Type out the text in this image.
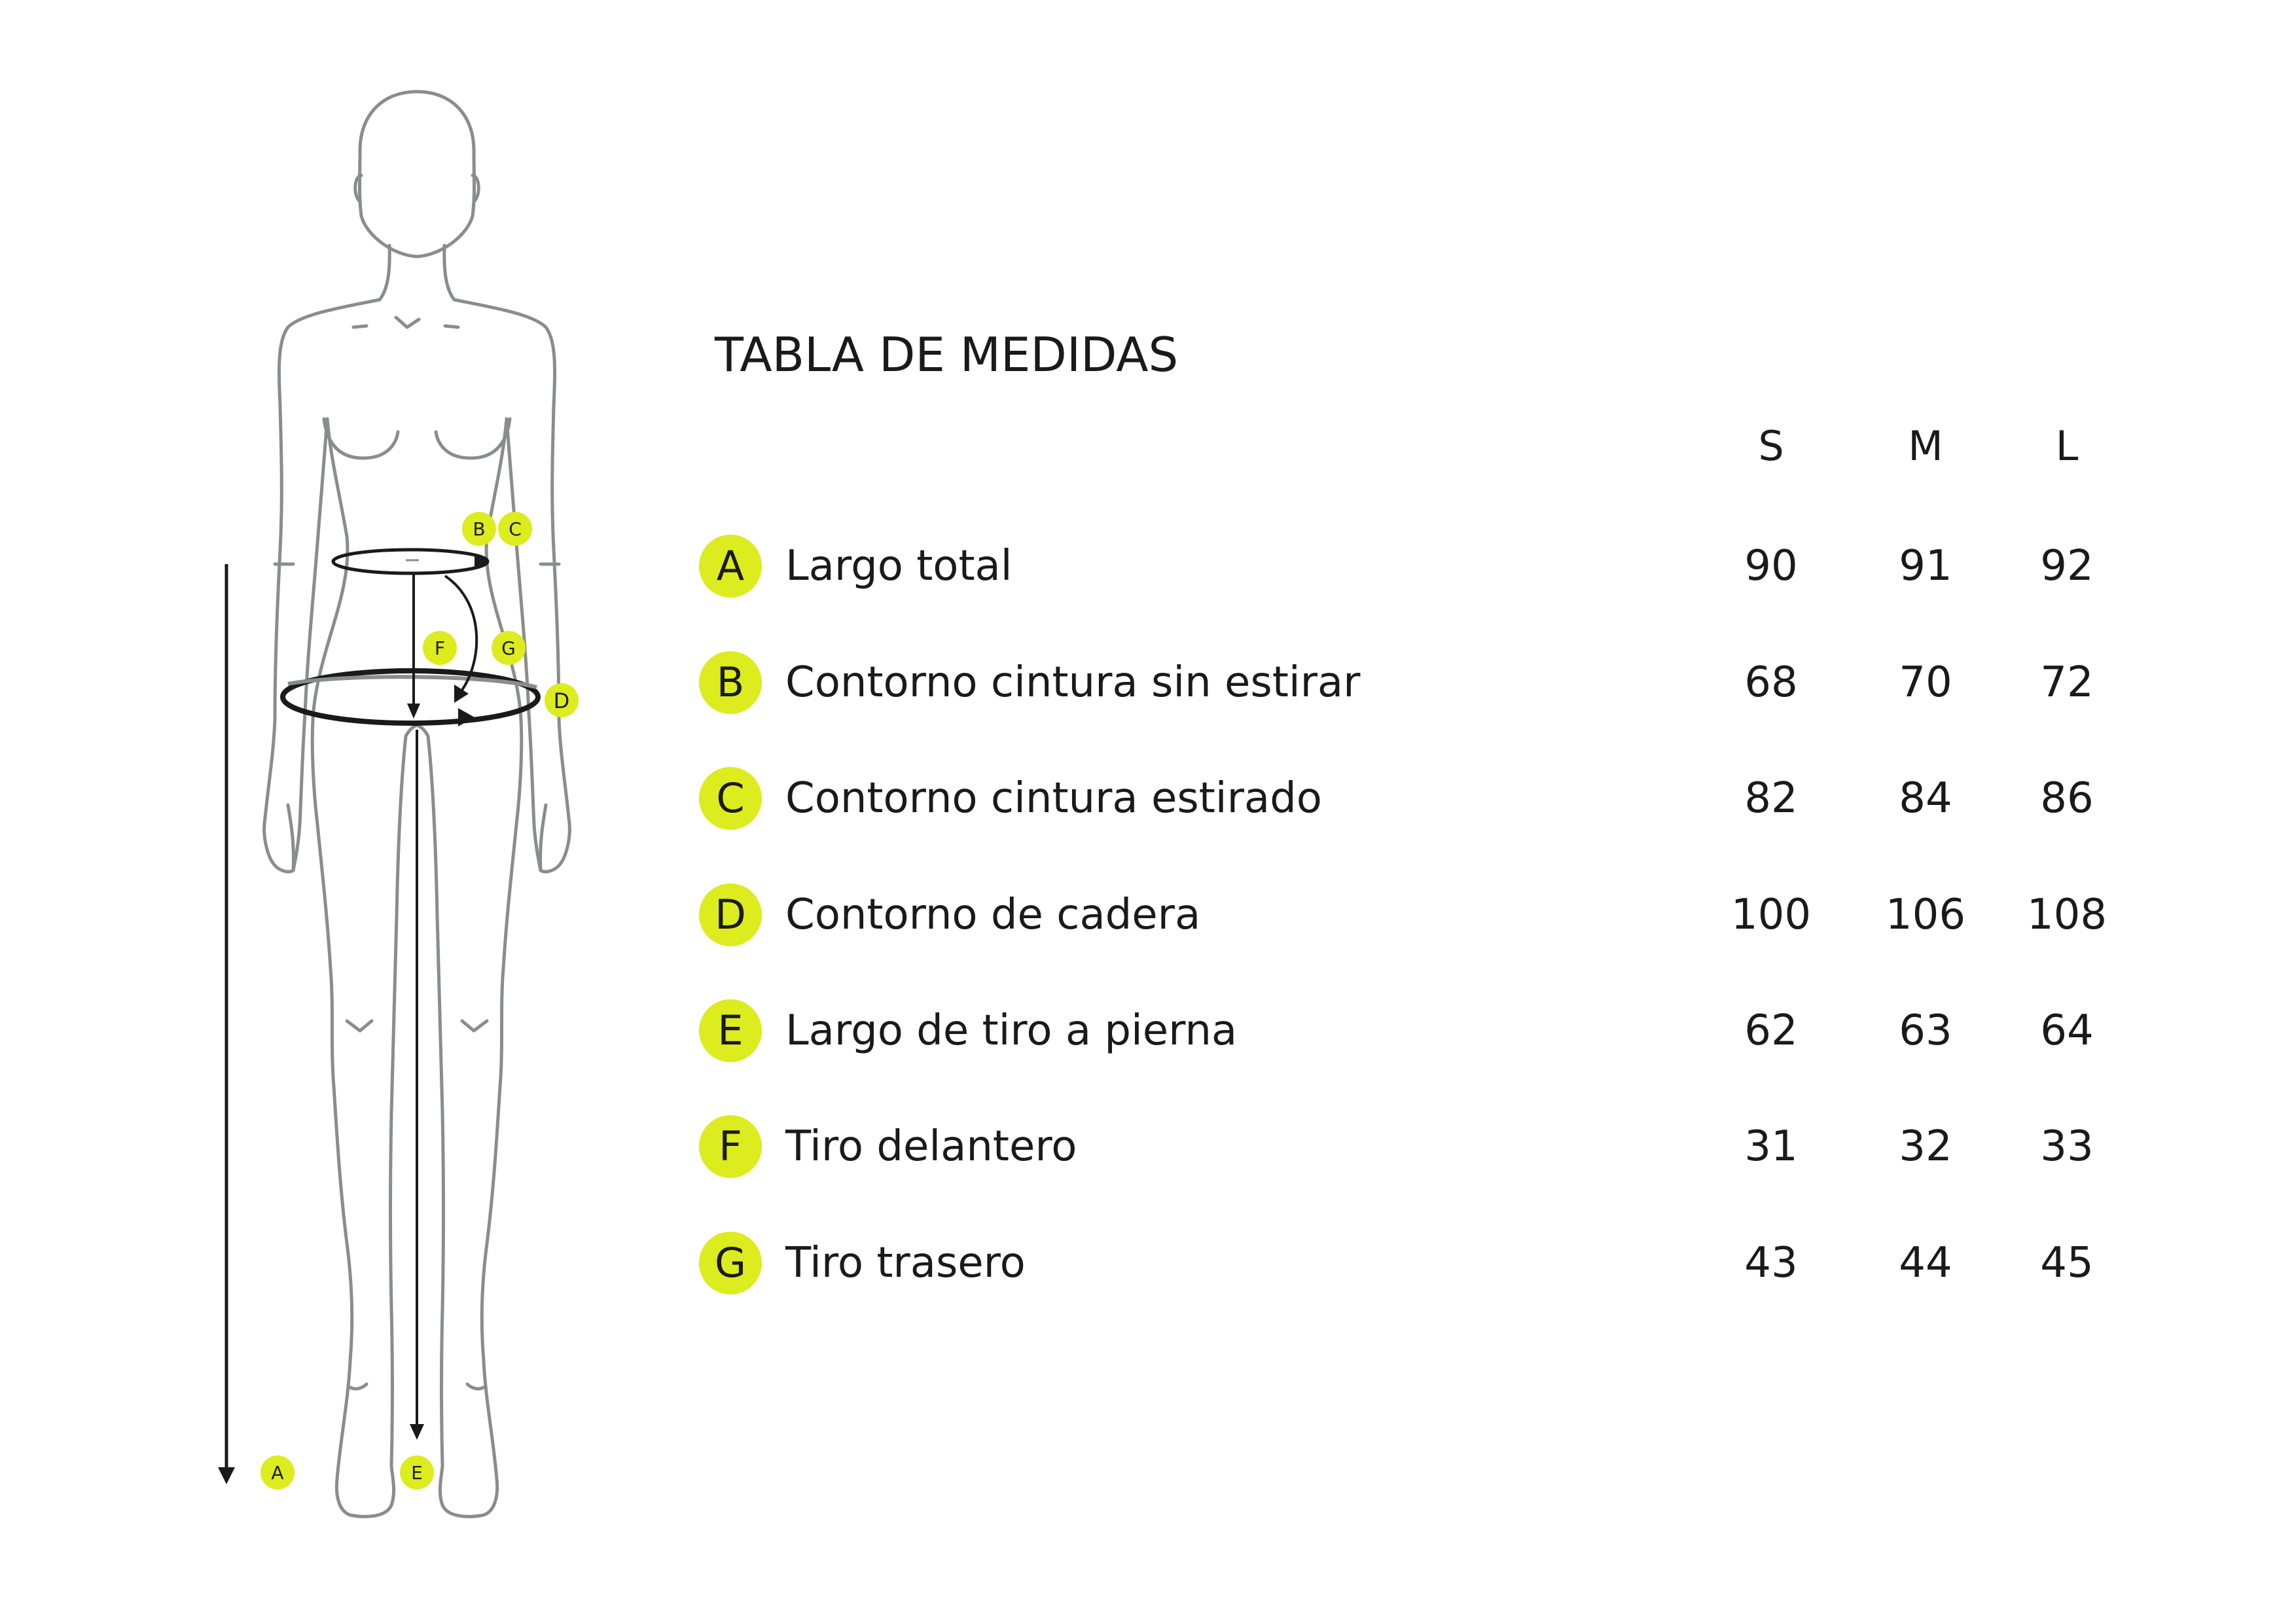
B C
F	G
D
A	E
TABLA DE MEDIDAS
S	M	L
A Largo total	90	91	92
B Contorno cintura sin estirar	68	70	72
C Contorno cintura estirado	82	84	86
D Contorno de cadera	100	106	108
E	Largo de tiro a pierna	62	63	64
F	Tiro delantero	31	32	33
G Tiro trasero	43	44	45
